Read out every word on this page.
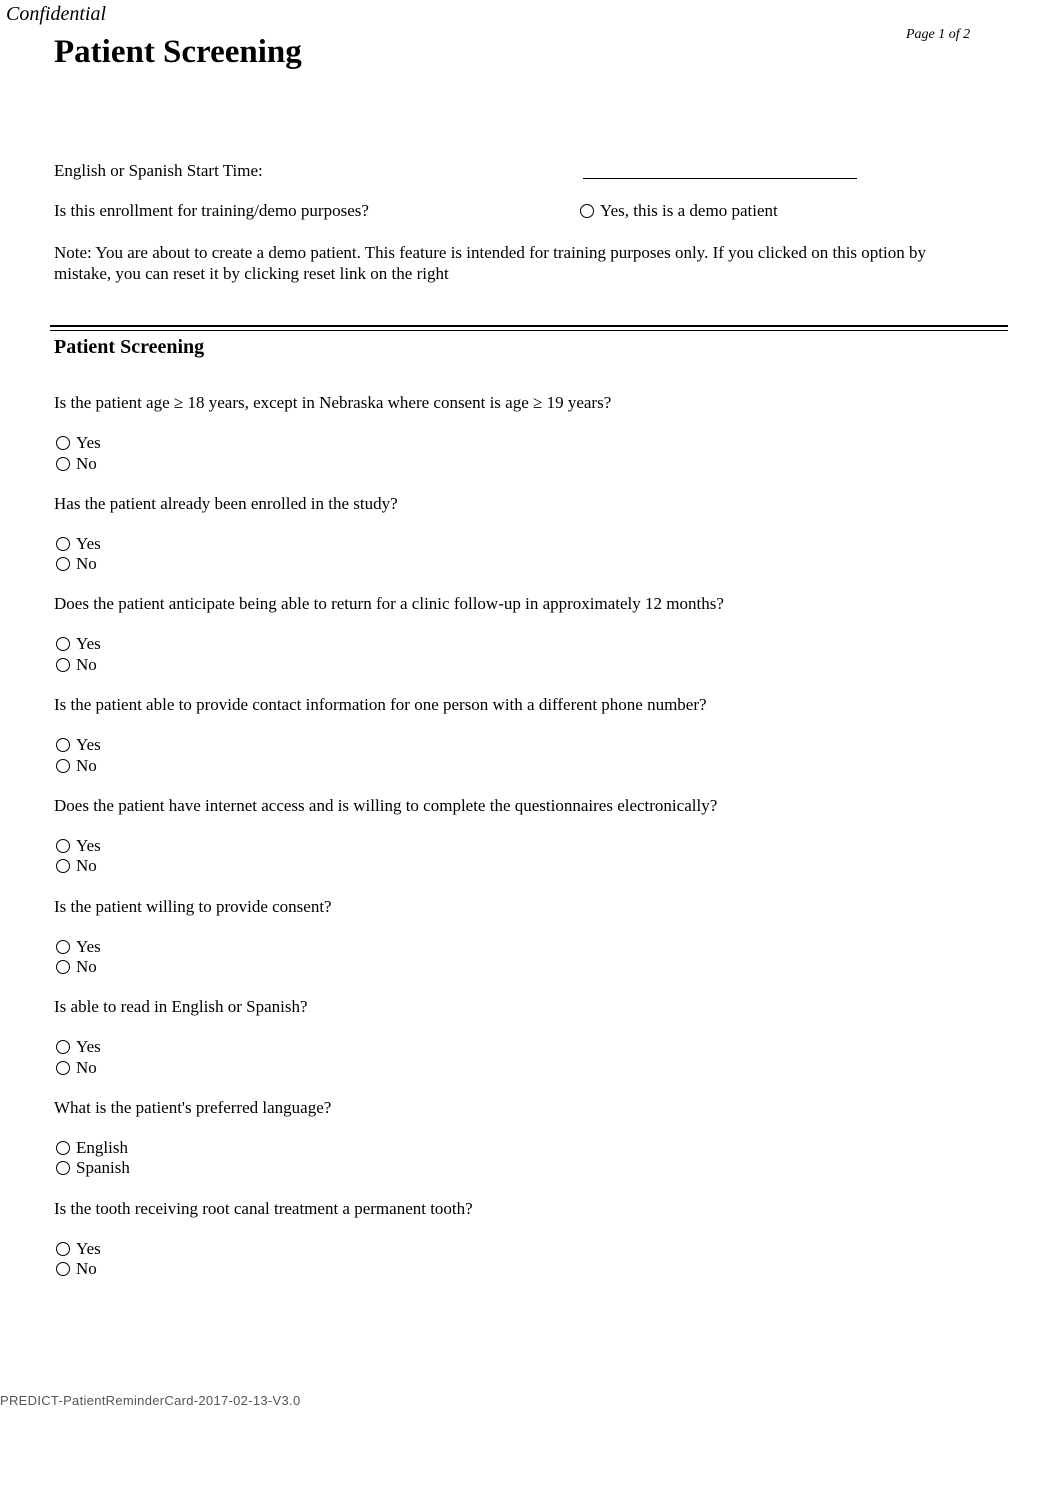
Confidential
Patient Screening	Page 1 of 2
English or Spanish Start Time:
Is this enrollment for training/demo purposes?	Yes, this is a demo patient
Note: You are about to create a demo patient. This feature is intended for training purposes only. If you clicked on this option by mistake, you can reset it by clicking reset link on the right
Patient Screening
Is the patient age ≥ 18 years, except in Nebraska where consent is age ≥ 19 years?
Yes
No
Has the patient already been enrolled in the study?
Yes
No
Does the patient anticipate being able to return for a clinic follow-up in approximately 12 months?
Yes
No
Is the patient able to provide contact information for one person with a different phone number?
Yes
No
Does the patient have internet access and is willing to complete the questionnaires electronically?
Yes
No
Is the patient willing to provide consent?
Yes
No
Is able to read in English or Spanish?
Yes
No
What is the patient's preferred language?
English
Spanish
Is the tooth receiving root canal treatment a permanent tooth?
Yes
No
PREDICT-PatientReminderCard-2017-02-13-V3.0
